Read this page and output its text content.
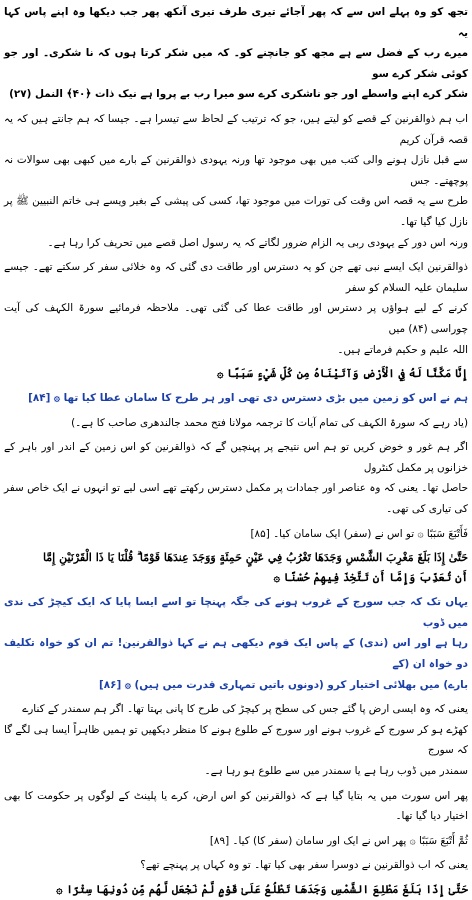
تجھ کو وہ پہلے اس سے کہ پھر آجائے تیری طرف تیری آنکھ پھر جب دیکھا وہ اپنے پاس کہا یہ
میرے رب کے فضل سے ہے مجھ کو جانچنے کو۔ کہ میں شکر کرتا ہوں کہ نا شکری۔ اور جو کوئی شکر کرے سو
شکر کرے اپنے واسطے اور جو ناشکری کرے سو میرا رب بے پروا ہے نیک ذات ﴿۴۰﴾ النمل (۲۷)
اب ہم ذوالقرنین کے قصے کو لیتے ہیں، جو کہ ترتیب کے لحاظ سے تیسرا ہے۔ جیسا کہ ہم جانتے ہیں کہ یہ قصہ قرآن کریم
سے قبل نازل ہونے والی کتب میں بھی موجود تھا ورنہ یہودی ذوالقرنین کے بارے میں کبھی بھی سوالات نہ پوچھتے۔ جس
طرح سے یہ قصہ اس وقت کی تورات میں موجود تھا، کسی کی پیشی کے بغیر ویسے ہی خاتم النبیین ﷺ پر نازل کیا گیا تھا۔
ورنہ اس دور کے یہودی ربی یہ الزام ضرور لگاتے کہ یہ رسول اصل قصے میں تحریف کرا رہا ہے۔
ذوالقرنین ایک ایسے نبی تھے جن کو یہ دسترس اور طاقت دی گئی کہ وہ خلائی سفر کر سکتے تھے۔ جیسے سلیمان علیہ السلام کو سفر
کرنے کے لیے ہواؤں پر دسترس اور طاقت عطا کی گئی تھی۔ ملاحظہ فرمائیے سورۃ الکہف کی آیت چوراسی (۸۴) میں
اللہ علیم و حکیم فرماتے ہیں۔
إِنَّا مَكَّنَّا لَهُ فِي الْأَرْضِ وَآتَيْنَاهُ مِن كُلِّ شَيْءٍ سَبَبًا ۞
ہم نے اس کو زمین میں بڑی دسترس دی تھی اور ہر طرح کا سامان عطا کیا تھا ۞ [۸۴]
(یاد رہے کہ سورۃ الکہف کی تمام آیات کا ترجمہ مولانا فتح محمد جالندھری صاحب کا ہے۔)
اگر ہم غور و خوض کریں تو ہم اس نتیجے پر پہنچیں گے کہ ذوالقرنین کو اس زمین کے اندر اور باہر کے خزانوں پر مکمل کنٹرول
حاصل تھا۔ یعنی کہ وہ عناصر اور جمادات پر مکمل دسترس رکھتے تھے اسی لیے تو انہوں نے ایک خاص سفر کی تیاری کی تھی۔
فَأَتْبَعَ سَبَبًا ۞ تو اس نے (سفر) ایک سامان کیا۔ [۸۵]
حَتَّىٰ إِذَا بَلَغَ مَغْرِبَ الشَّمْسِ وَجَدَهَا تَغْرُبُ فِي عَيْنٍ حَمِئَةٍ وَوَجَدَ عِندَهَا قَوْمًا ۗ قُلْنَا يَا ذَا الْقَرْنَيْنِ إِمَّا
أَن تُعَذِّبَ وَإِمَّا أَن تَتَّخِذَ فِيهِمْ حُسْنًا ۞
یہاں تک کہ جب سورج کے غروب ہونے کی جگہ پہنچا تو اسے ایسا پایا کہ ایک کیچڑ کی ندی میں ڈوب
رہا ہے اور اس (ندی) کے پاس ایک قوم دیکھی ہم نے کہا ذوالقرنین! تم ان کو خواہ تکلیف دو خواہ ان (کے
بارے) میں بھلائی اختیار کرو (دونوں باتیں تمہاری قدرت میں ہیں) ۞ [۸۶]
یعنی کہ وہ ایسی ارض پا گئے جس کی سطح پر کیچڑ کی طرح کا پانی بہتا تھا۔ اگر ہم سمندر کے کنارے
کھڑے ہو کر سورج کے غروب ہونے اور سورج کے طلوع ہونے کا منظر دیکھیں تو ہمیں ظاہراً ایسا ہی لگے گا کہ سورج
سمندر میں ڈوب رہا ہے یا سمندر میں سے طلوع ہو رہا ہے۔
پھر اس سورت میں یہ بتایا گیا ہے کہ ذوالقرنین کو اس ارض، کرے یا پلینٹ کے لوگوں پر حکومت کا بھی اختیار دیا گیا تھا۔
ثُمَّ أَتْبَعَ سَبَبًا ۞ پھر اس نے ایک اور سامان (سفر کا) کیا۔ [۸۹]
یعنی کہ اب ذوالقرنین نے دوسرا سفر بھی کیا تھا۔ تو وہ کہاں پر پہنچے تھے؟
حَتَّىٰ إِذَا بَلَغَ مَطْلِعَ الشَّمْسِ وَجَدَهَا تَطْلُعُ عَلَىٰ قَوْمٍ لَّمْ نَجْعَل لَّهُم مِّن دُونِهَا سِتْرًا ۞
